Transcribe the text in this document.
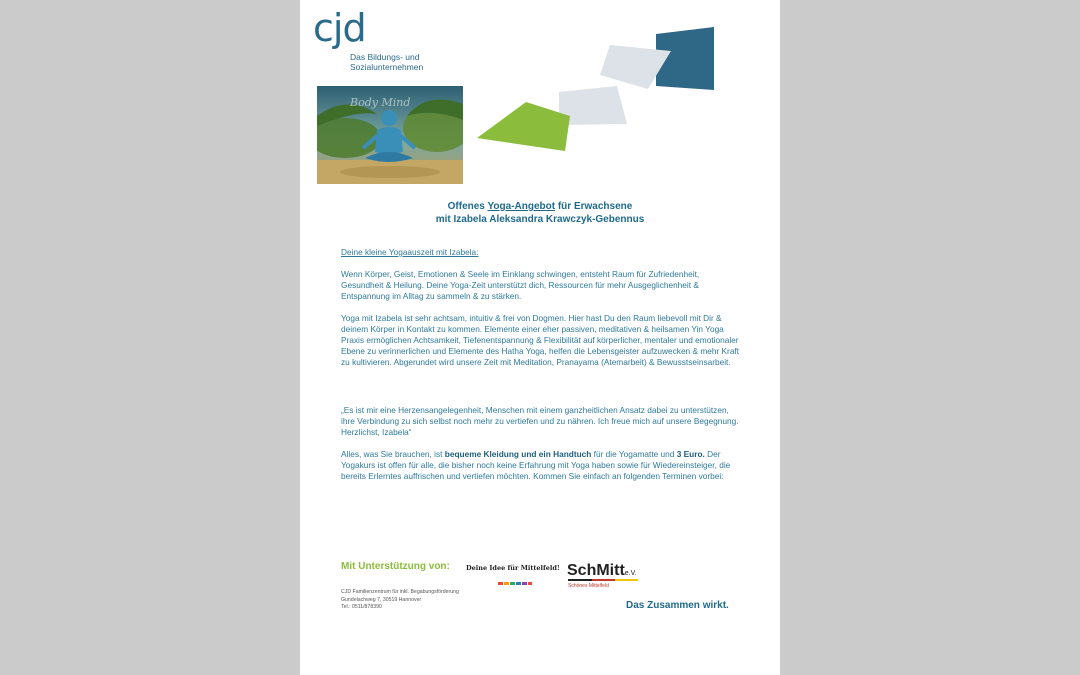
cjd
Das Bildungs- und
Sozialunternehmen
Body Mind
Offenes Yoga-Angebot für Erwachsene
mit Izabela Aleksandra Krawczyk-Gebennus

Deine kleine Yogaauszeit mit Izabela:

Wenn Körper, Geist, Emotionen & Seele im Einklang schwingen, entsteht Raum für Zufriedenheit, Gesundheit & Heilung. Deine Yoga-Zeit unterstützt dich, Ressourcen für mehr Ausgeglichenheit & Entspannung im Alltag zu sammeln & zu stärken.

Yoga mit Izabela ist sehr achtsam, intuitiv & frei von Dogmen. Hier hast Du den Raum liebevoll mit Dir & deinem Körper in Kontakt zu kommen. Elemente einer eher passiven, meditativen & heilsamen Yin Yoga Praxis ermöglichen Achtsamkeit, Tiefenentspannung & Flexibilität auf körperlicher, mentaler und emotionaler Ebene zu verinnerlichen und Elemente des Hatha Yoga, helfen die Lebensgeister aufzuwecken & mehr Kraft zu kultivieren. Abgerundet wird unsere Zeit mit Meditation, Pranayama (Atemarbeit) & Bewusstseinsarbeit.

„Es ist mir eine Herzensangelegenheit, Menschen mit einem ganzheitlichen Ansatz dabei zu unterstützen, ihre Verbindung zu sich selbst noch mehr zu vertiefen und zu nähren. Ich freue mich auf unsere Begegnung. Herzlichst, Izabela“

Alles, was Sie brauchen, ist bequeme Kleidung und ein Handtuch für die Yogamatte und 3 Euro. Der Yogakurs ist offen für alle, die bisher noch keine Erfahrung mit Yoga haben sowie für Wiedereinsteiger, die bereits Erlerntes auffrischen und vertiefen möchten. Kommen Sie einfach an folgenden Terminen vorbei:

Mit Unterstützung von: Deine Idee für Mittelfeld! SchMitte.V.
Schönes Mittelfeld
CJD Familienzentrum für inkl. Begabungsförderung
Gundelachweg 7, 30519 Hannover
Tel.: 0511/878390	Das Zusammen wirkt.
